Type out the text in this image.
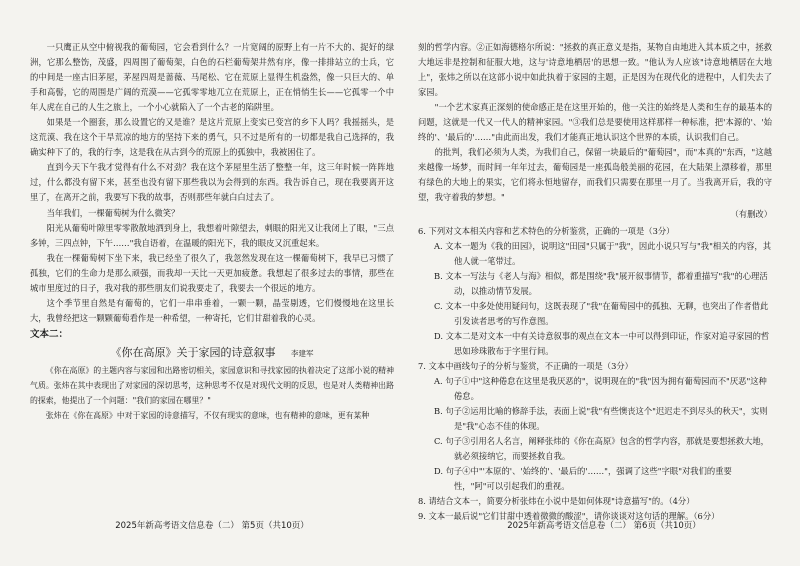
一只鹰正从空中俯视我的葡萄园，它会看到什么？一片宽阔的原野上有一片不大的、捉好的绿洲，它那么整饬，茂盛，四周围了葡萄架，白色的石栏葡萄架井然有序，像一排排站立的士兵，它的中间是一座古旧茅屋，茅屋四周是蔷薇、马尾松、它在荒原上显得生机盎然，像一只巨大的、单手和高髻，它的周围是广阔的荒漠——它孤零零地兀立在荒原上，正在悄悄生长——它孤零一个中年人虎在自己的人生之旅上，一个小心就陷入了一个古老的陷阱里。

如果是一个圈套，那么设置它的又是谁？是这片荒原上变实已变宫的乡下人吗？我摇摇头，是这荒漠、我在这个干旱荒凉的地方的坚持下来的勇气，只不过是所有的一切都是我自己选择的，我确实种下了的，我的行李，这是我在从古到今的荒原上的孤独中，我被困住了。

直到今天下午我才觉得有什么不对劲？我在这个茅屋里生活了整整一年，这三年时候一阵阵地过，什么都没有留下来，甚至也没有留下那些我以为会得到的东西。我告诉自己，现在我要离开这里了，在离开之前，我要写下我的故事，否则那些年就白白过去了。

当年我们，一棵葡萄树为什么微笑？

阳光从葡萄叶隙里零零散散地洒到身上，我想着叶隙望去，刺眼的阳光又让我闭上了眼，"三点多钟，三四点钟，下午……"我自语着，在温暖的阳光下，我的眼皮又沉重起来。

我在一棵葡萄树下坐下来，我已经坐了很久了，我忽然发现在这一棵葡萄树下，我早已习惯了孤独，它们的生命力是那么顽强，而我却一天比一天更加疲惫。我想起了很多过去的事情，那些在城市里度过的日子，我对我的那些朋友们说我要走了，我要去一个很远的地方。

这个季节里自然是有葡萄的，它们一串串垂着，一颗一颗，晶莹剔透，它们慢慢地在这里长大，我曾经把这一颗颗葡萄看作是一种希望，一种寄托，它们甘甜着我的心灵。

文本二：

《你在高原》关于家园的诗意叙事 李建军

《你在高原》的主题内容与家园和出路密切相关，家园意识和寻找家园的执着决定了这部小说的精神气质。张炜在其中表现出了对家园的深切思考，这种思考不仅是对现代文明的反思，也是对人类精神出路的探索，他提出了一个问题："我们的家园在哪里？"

张炜在《你在高原》中对于家园的诗意描写，不仅有现实的意味，也有精神的意味，更有某种

2025年新高考语文信息卷（二） 第5页（共10页）

刻的哲学内容。②正如海德格尔所说："拯救的真正意义是指，某物自由地进入其本质之中，拯救大地远非是控制和征服大地，这与'诗意地栖居'的思想一致。"他认为人应该"诗意地栖居在大地上"，张炜之所以在这部小说中如此执着于家园的主题，正是因为在现代化的进程中，人们失去了家园。

"一个艺术家真正深刻的使命感正是在这里开始的，他一关注的始终是人类和生存的最基本的问题，这就是一代又一代人的精神家园。"③我们总是要使用这样那样一种标准，把'本源的'、'始终的'、'最后的'……"由此而出发，我们才能真正地认识这个世界的本质，认识我们自己。

的批判，我们必须为人类，为我们自己，保留一块最后的"葡萄园"，而"本真的"东西，"这越来越像一场梦，而时间一年年过去，葡萄园是一座孤岛般美丽的花园，在大陆架上漂移着，那里有绿色的大地上的果实，它们将永恒地留存，而我们只需要在那里一月了。当我离开后，我的守望，我守着我的梦想。"

（有删改）

6. 下列对文本相关内容和艺术特色的分析鉴赏，正确的一项是（3分）

A. 文本一题为《我的田园》，说明这"田园"只属于"我"，因此小说只写与"我"相关的内容，其他人就一笔带过。

B. 文本一写法与《老人与海》相似，都是围绕"我"展开叙事情节，都着重描写"我"的心理活动，以推动情节发展。

C. 文本一中多处使用疑问句，这既表现了"我"在葡萄园中的孤独、无聊，也突出了作者借此引发读者思考的写作意图。

D. 文本二是对文本一中有关诗意叙事的观点在文本一中可以得到印证，作家对追寻家园的哲思如珍珠散布于字里行间。

7. 文本中画线句子的分析与鉴赏，不正确的一项是（3分）

A. 句子①中"这种倦怠在这里是我厌恶的"，说明现在的"我"因为拥有葡萄园而不"厌恶"这种倦怠。

B. 句子②运用比喻的修辞手法，表面上说"我"有些懊丧这个"迟迟走不到尽头的秋天"，实则是"我"心态不佳的体现。

C. 句子③引用名人名言，阐释张炜的《你在高原》包含的哲学内容，那就是要想拯救大地，就必须接纳它，而要拯救自我。

D. 句子④中"'本原的'、'始终的'、'最后的'……"，强调了这些"字眼"对我们的重要性，"阿"可以引起我们的重视。

8. 请结合文本一，简要分析张炜在小说中是如何体现"诗意描写"的。（4分）

9. 文本一最后说"它们甘甜中透着微微的酸涩"，请你谈谈对这句话的理解。（6分）

2025年新高考语文信息卷（二） 第6页（共10页）
